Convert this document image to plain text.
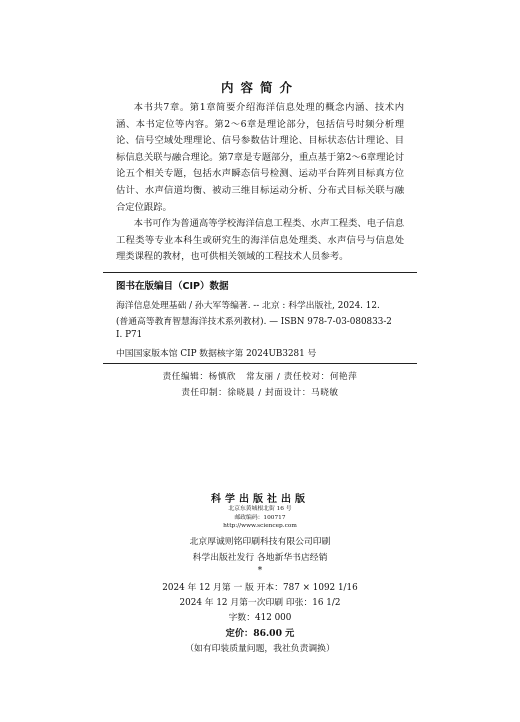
内容简介

本书共7章。第1章简要介绍海洋信息处理的概念内涵、技术内涵、本书定位等内容。第2～6章是理论部分，包括信号时频分析理论、信号空域处理理论、信号参数估计理论、目标状态估计理论、目标信息关联与融合理论。第7章是专题部分，重点基于第2～6章理论讨论五个相关专题，包括水声瞬态信号检测、运动平台阵列目标真方位估计、水声信道均衡、被动三维目标运动分析、分布式目标关联与融合定位跟踪。

本书可作为普通高等学校海洋信息工程类、水声工程类、电子信息工程类等专业本科生或研究生的海洋信息处理类、水声信号与信息处理类课程的教材，也可供相关领域的工程技术人员参考。

图书在版编目（CIP）数据
海洋信息处理基础 / 孙大军等编著. -- 北京 : 科学出版社, 2024. 12.
(普通高等教育智慧海洋技术系列教材). — ISBN 978-7-03-080833-2
Ⅰ. P71
中国国家版本馆 CIP 数据核字第 2024UB3281 号
责任编辑：杨慎欣   常友丽 / 责任校对：何艳萍
责任印制：徐晓晨 / 封面设计：马晓敏
科学出版社出版
北京东黄城根北街 16 号
邮政编码：100717
http://www.sciencep.com
北京厚诚则铭印刷科技有限公司印刷
科学出版社发行 各地新华书店经销
*
2024 年 12 月第 一 版 开本：787 × 1092 1/16
2024 年 12 月第一次印刷 印张：16 1/2
字数：412 000
定价：86.00 元
（如有印装质量问题，我社负责调换）
